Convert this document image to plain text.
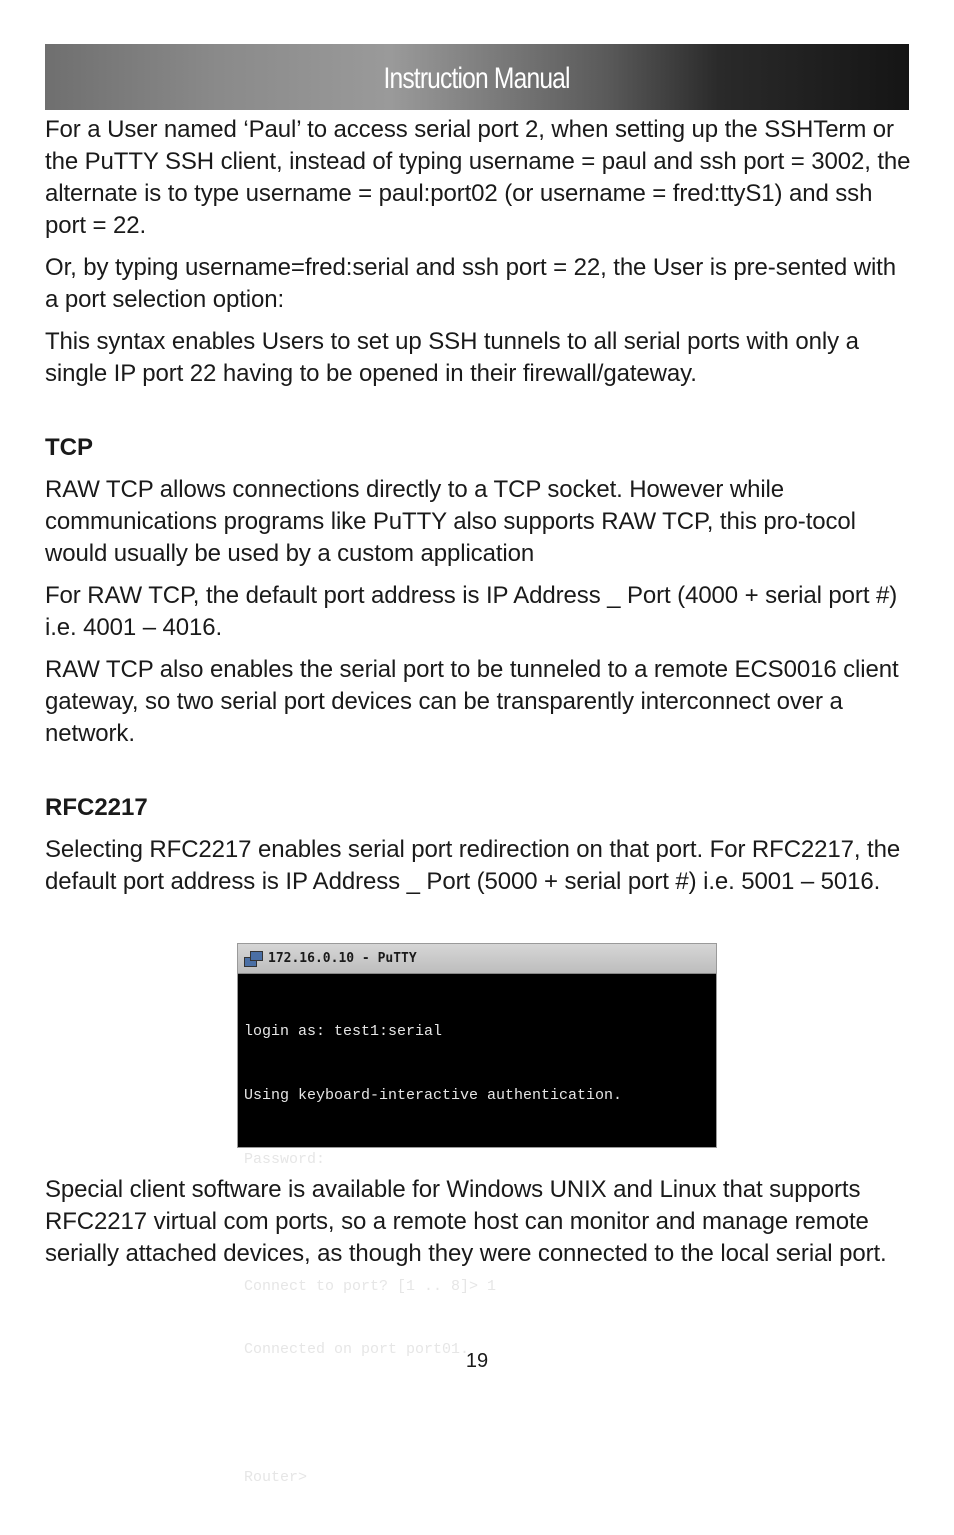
Instruction Manual

For a User named ‘Paul’ to access serial port 2, when setting up the SSHTerm or the PuTTY SSH client, instead of typing username = paul and ssh port = 3002, the alternate is to type username = paul:port02 (or username = fred:ttyS1) and ssh port = 22.

Or, by typing username=fred:serial and ssh port = 22, the User is pre-sented with a port selection option:

This syntax enables Users to set up SSH tunnels to all serial ports with only a single IP port 22 having to be opened in their firewall/gateway.

TCP

RAW TCP allows connections directly to a TCP socket. However while communications programs like PuTTY also supports RAW TCP, this pro-tocol would usually be used by a custom application

For RAW TCP, the default port address is IP Address _ Port (4000 + serial port #) i.e. 4001 – 4016.

RAW TCP also enables the serial port to be tunneled to a remote ECS0016 client gateway, so two serial port devices can be transparently interconnect over a network.

RFC2217

Selecting RFC2217 enables serial port redirection on that port. For RFC2217, the default port address is IP Address _ Port (5000 + serial port #) i.e. 5001 – 5016.

172.16.0.10 - PuTTY

login as: test1:serial

Using keyboard-interactive authentication.

Password:

Connect to port? [1 .. 8]> 1

Connected on port port01.

Router>

Special client software is available for Windows UNIX and Linux that supports RFC2217 virtual com ports, so a remote host can monitor and manage remote serially attached devices, as though they were connected to the local serial port.

19
